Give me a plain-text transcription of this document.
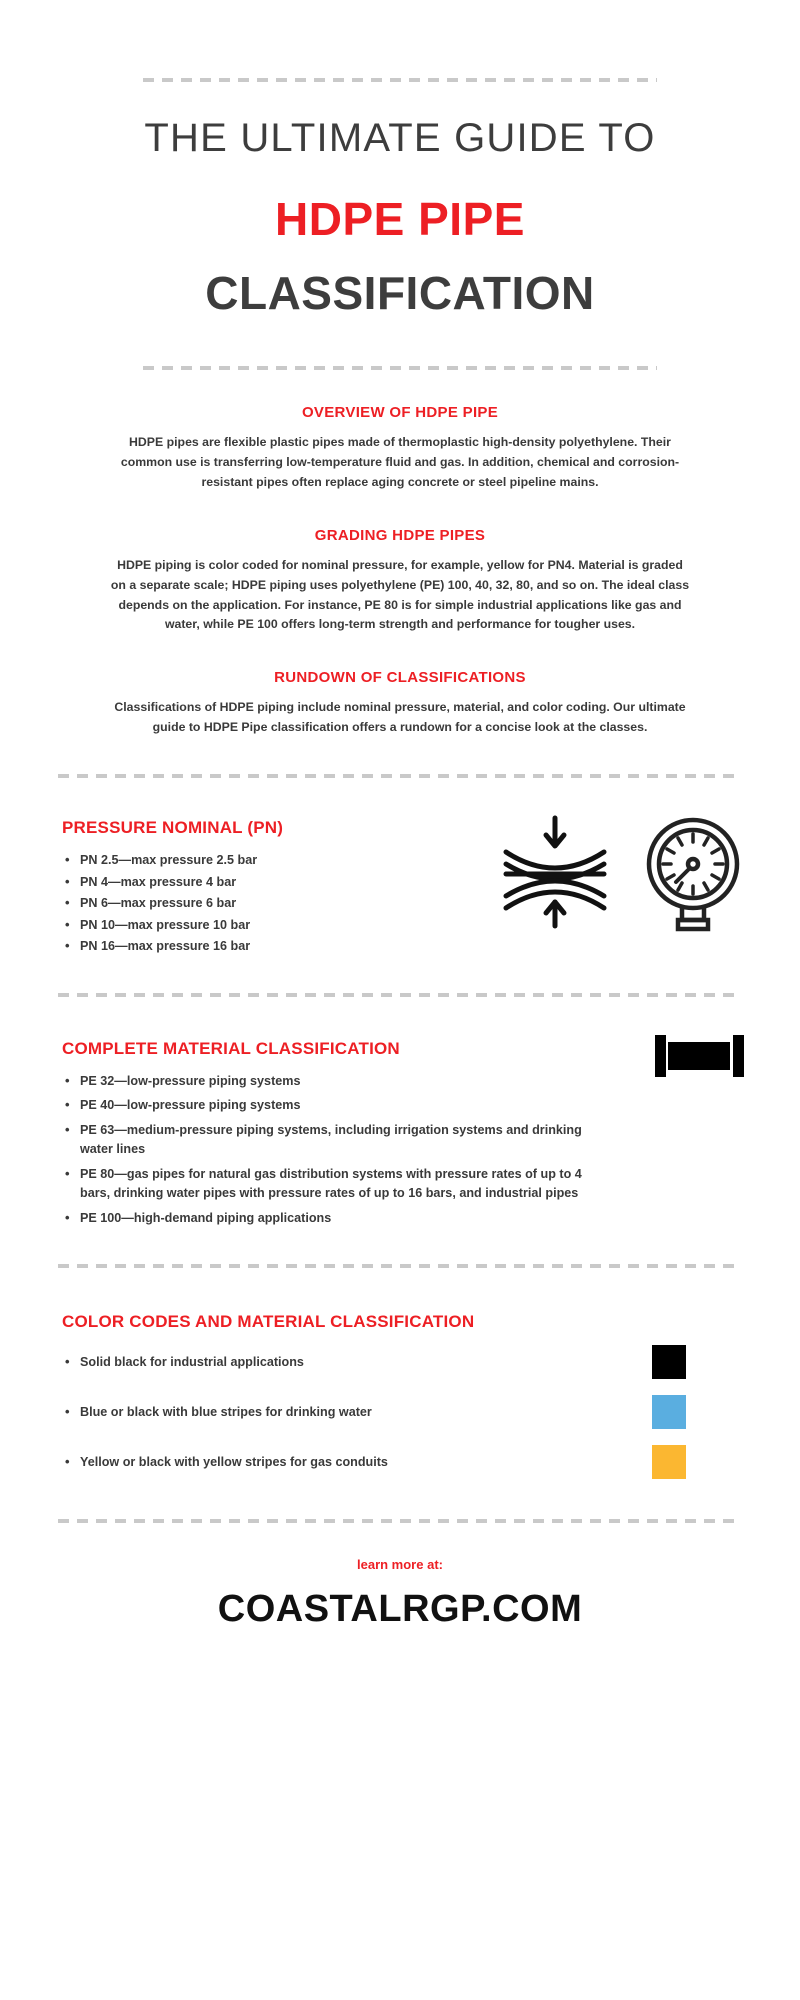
THE ULTIMATE GUIDE TO
HDPE PIPE
CLASSIFICATION
OVERVIEW OF HDPE PIPE
HDPE pipes are flexible plastic pipes made of thermoplastic high-density polyethylene. Their common use is transferring low-temperature fluid and gas. In addition, chemical and corrosion-resistant pipes often replace aging concrete or steel pipeline mains.
GRADING HDPE PIPES
HDPE piping is color coded for nominal pressure, for example, yellow for PN4. Material is graded on a separate scale; HDPE piping uses polyethylene (PE) 100, 40, 32, 80, and so on. The ideal class depends on the application. For instance, PE 80 is for simple industrial applications like gas and water, while PE 100 offers long-term strength and performance for tougher uses.
RUNDOWN OF CLASSIFICATIONS
Classifications of HDPE piping include nominal pressure, material, and color coding. Our ultimate guide to HDPE Pipe classification offers a rundown for a concise look at the classes.
PRESSURE NOMINAL (PN)
• PN 2.5—max pressure 2.5 bar
• PN 4—max pressure 4 bar
• PN 6—max pressure 6 bar
• PN 10—max pressure 10 bar
• PN 16—max pressure 16 bar
COMPLETE MATERIAL CLASSIFICATION
• PE 32—low-pressure piping systems
• PE 40—low-pressure piping systems
• PE 63—medium-pressure piping systems, including irrigation systems and drinking water lines
• PE 80—gas pipes for natural gas distribution systems with pressure rates of up to 4 bars, drinking water pipes with pressure rates of up to 16 bars, and industrial pipes
• PE 100—high-demand piping applications
COLOR CODES AND MATERIAL CLASSIFICATION
• Solid black for industrial applications
• Blue or black with blue stripes for drinking water
• Yellow or black with yellow stripes for gas conduits
learn more at:
COASTALRGP.COM
